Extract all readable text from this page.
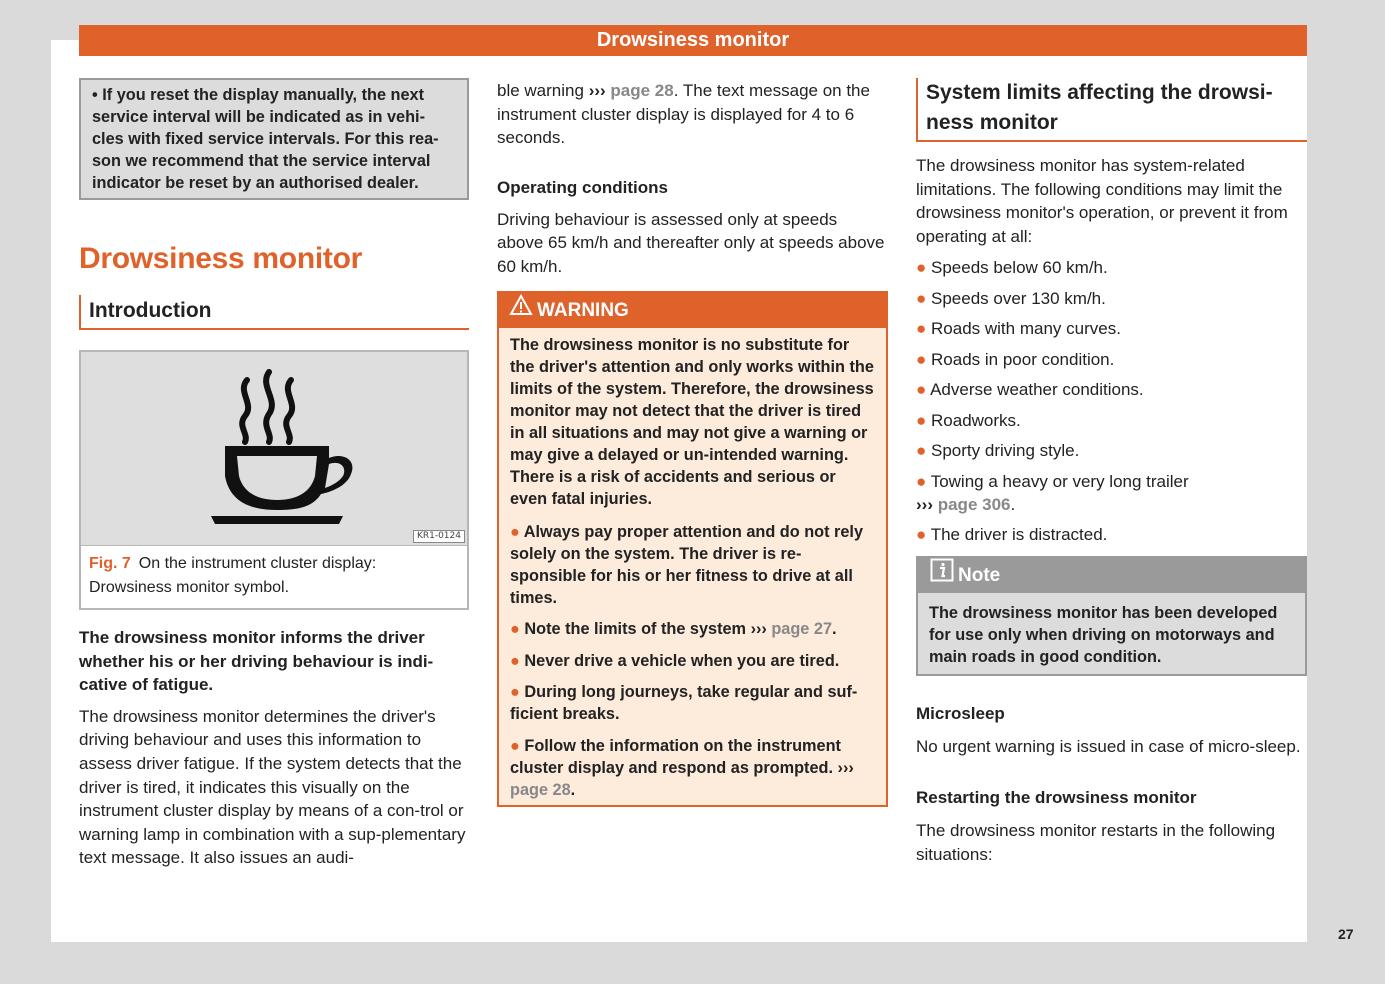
Drowsiness monitor

• If you reset the display manually, the next service interval will be indicated as in vehi-cles with fixed service intervals. For this rea-son we recommend that the service interval indicator be reset by an authorised dealer.

Drowsiness monitor
Introduction
KR1-0124
Fig. 7 On the instrument cluster display: Drowsiness monitor symbol.

The drowsiness monitor informs the driver whether his or her driving behaviour is indi-cative of fatigue.

The drowsiness monitor determines the driver's driving behaviour and uses this information to assess driver fatigue. If the system detects that the driver is tired, it indicates this visually on the instrument cluster display by means of a con-trol or warning lamp in combination with a sup-plementary text message. It also issues an audi-

ble warning ››› page 28. The text message on the instrument cluster display is displayed for 4 to 6 seconds.

Operating conditions

Driving behaviour is assessed only at speeds above 65 km/h and thereafter only at speeds above 60 km/h.

WARNING

The drowsiness monitor is no substitute for the driver's attention and only works within the limits of the system. Therefore, the drowsiness monitor may not detect that the driver is tired in all situations and may not give a warning or may give a delayed or un-intended warning. There is a risk of accidents and serious or even fatal injuries.

● Always pay proper attention and do not rely solely on the system. The driver is re-sponsible for his or her fitness to drive at all times.

● Note the limits of the system ››› page 27.

● Never drive a vehicle when you are tired.

● During long journeys, take regular and suf-ficient breaks.

● Follow the information on the instrument cluster display and respond as prompted. ››› page 28.

System limits affecting the drowsi-ness monitor

The drowsiness monitor has system-related limitations. The following conditions may limit the drowsiness monitor's operation, or prevent it from operating at all:

● Speeds below 60 km/h.

● Speeds over 130 km/h.

● Roads with many curves.

● Roads in poor condition.

● Adverse weather conditions.

● Roadworks.

● Sporty driving style.

● Towing a heavy or very long trailer
››› page 306.

● The driver is distracted.

Note

The drowsiness monitor has been developed for use only when driving on motorways and main roads in good condition.

Microsleep

No urgent warning is issued in case of micro-sleep.

Restarting the drowsiness monitor

The drowsiness monitor restarts in the following situations:

27
